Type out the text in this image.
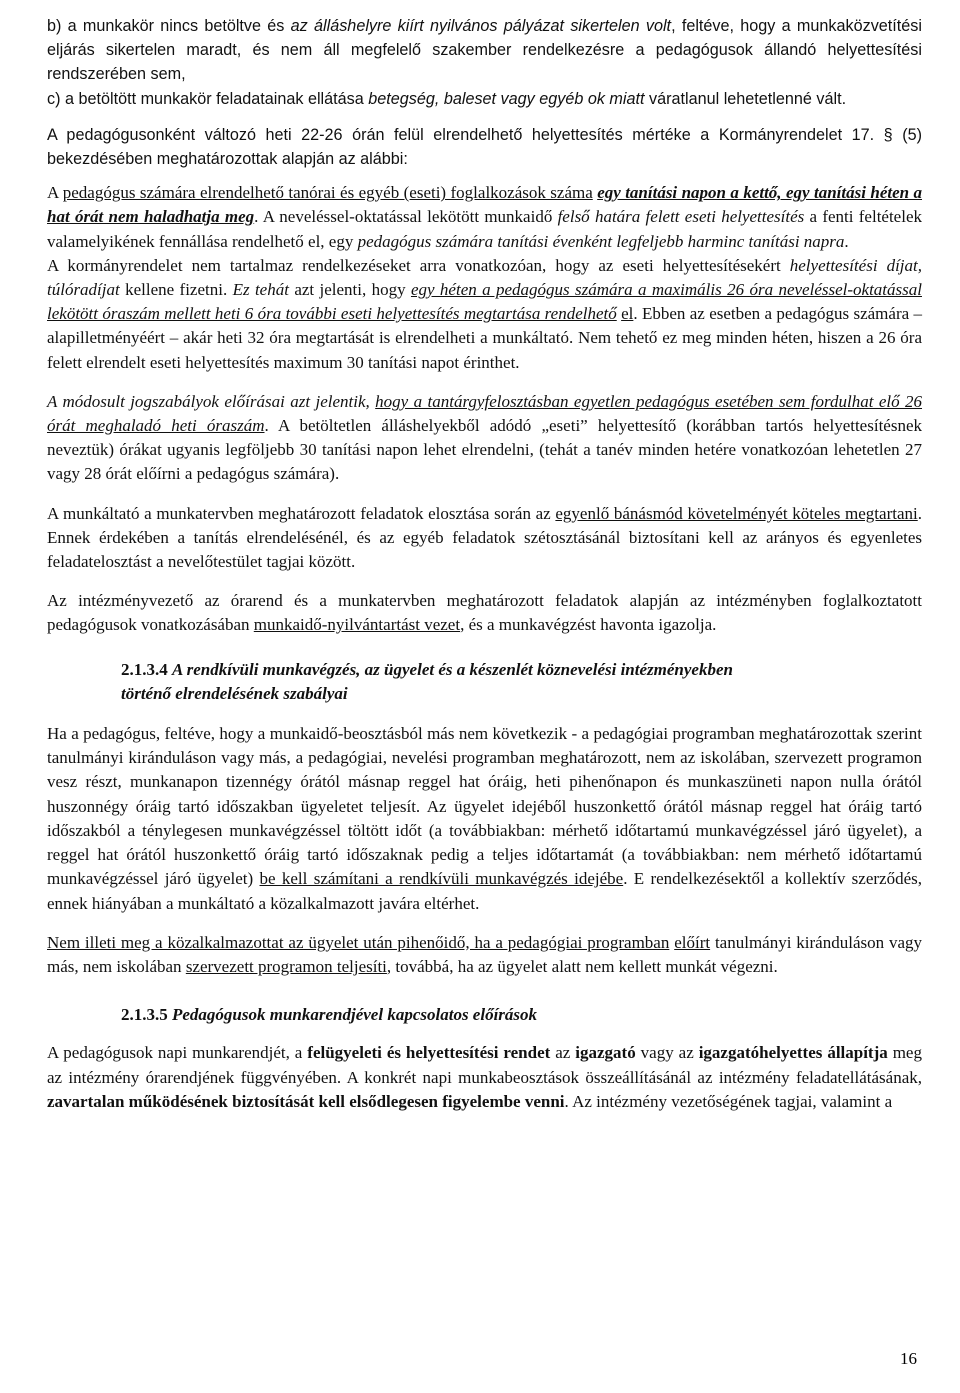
b) a munkakör nincs betöltve és az álláshelyre kiírt nyilvános pályázat sikertelen volt, feltéve, hogy a munkaközvetítési eljárás sikertelen maradt, és nem áll megfelelő szakember rendelkezésre a pedagógusok állandó helyettesítési rendszerében sem,

c) a betöltött munkakör feladatainak ellátása betegség, baleset vagy egyéb ok miatt váratlanul lehetetlenné vált.

A pedagógusonként változó heti 22-26 órán felül elrendelhető helyettesítés mértéke a Kormányrendelet 17. § (5) bekezdésében meghatározottak alapján az alábbi:

A pedagógus számára elrendelhető tanórai és egyéb (eseti) foglalkozások száma egy tanítási napon a kettő, egy tanítási héten a hat órát nem haladhatja meg. A neveléssel-oktatással lekötött munkaidő felső határa felett eseti helyettesítés a fenti feltételek valamelyikének fennállása rendelhető el, egy pedagógus számára tanítási évenként legfeljebb harminc tanítási napra.

A kormányrendelet nem tartalmaz rendelkezéseket arra vonatkozóan, hogy az eseti helyettesítésekért helyettesítési díjat, túlóradíjat kellene fizetni. Ez tehát azt jelenti, hogy egy héten a pedagógus számára a maximális 26 óra neveléssel-oktatással lekötött óraszám mellett heti 6 óra további eseti helyettesítés megtartása rendelhető el. Ebben az esetben a pedagógus számára – alapilletményéért – akár heti 32 óra megtartását is elrendelheti a munkáltató. Nem tehető ez meg minden héten, hiszen a 26 óra felett elrendelt eseti helyettesítés maximum 30 tanítási napot érinthet.

A módosult jogszabályok előírásai azt jelentik, hogy a tantárgyfelosztásban egyetlen pedagógus esetében sem fordulhat elő 26 órát meghaladó heti óraszám. A betöltetlen álláshelyekből adódó „eseti” helyettesítő (korábban tartós helyettesítésnek neveztük) órákat ugyanis legföljebb 30 tanítási napon lehet elrendelni, (tehát a tanév minden hetére vonatkozóan lehetetlen 27 vagy 28 órát előírni a pedagógus számára).

A munkáltató a munkatervben meghatározott feladatok elosztása során az egyenlő bánásmód követelményét köteles megtartani. Ennek érdekében a tanítás elrendelésénél, és az egyéb feladatok szétosztásánál biztosítani kell az arányos és egyenletes feladatelosztást a nevelőtestület tagjai között.

Az intézményvezető az órarend és a munkatervben meghatározott feladatok alapján az intézményben foglalkoztatott pedagógusok vonatkozásában munkaidő-nyilvántartást vezet, és a munkavégzést havonta igazolja.

2.1.3.4 A rendkívüli munkavégzés, az ügyelet és a készenlét köznevelési intézményekben
történő elrendelésének szabályai

Ha a pedagógus, feltéve, hogy a munkaidő-beosztásból más nem következik - a pedagógiai programban meghatározottak szerint tanulmányi kiránduláson vagy más, a pedagógiai, nevelési programban meghatározott, nem az iskolában, szervezett programon vesz részt, munkanapon tizennégy órától másnap reggel hat óráig, heti pihenőnapon és munkaszüneti napon nulla órától huszonnégy óráig tartó időszakban ügyeletet teljesít. Az ügyelet idejéből huszonkettő órától másnap reggel hat óráig tartó időszakból a ténylegesen munkavégzéssel töltött időt (a továbbiakban: mérhető időtartamú munkavégzéssel járó ügyelet), a reggel hat órától huszonkettő óráig tartó időszaknak pedig a teljes időtartamát (a továbbiakban: nem mérhető időtartamú munkavégzéssel járó ügyelet) be kell számítani a rendkívüli munkavégzés idejébe. E rendelkezésektől a kollektív szerződés, ennek hiányában a munkáltató a közalkalmazott javára eltérhet.

Nem illeti meg a közalkalmazottat az ügyelet után pihenőidő, ha a pedagógiai programban előírt tanulmányi kiránduláson vagy más, nem iskolában szervezett programon teljesíti, továbbá, ha az ügyelet alatt nem kellett munkát végezni.

2.1.3.5 Pedagógusok munkarendjével kapcsolatos előírások

A pedagógusok napi munkarendjét, a felügyeleti és helyettesítési rendet az igazgató vagy az igazgatóhelyettes állapítja meg az intézmény órarendjének függvényében. A konkrét napi munkabeosztások összeállításánál az intézmény feladatellátásának, zavartalan működésének biztosítását kell elsődlegesen figyelembe venni. Az intézmény vezetőségének tagjai, valamint a

16
